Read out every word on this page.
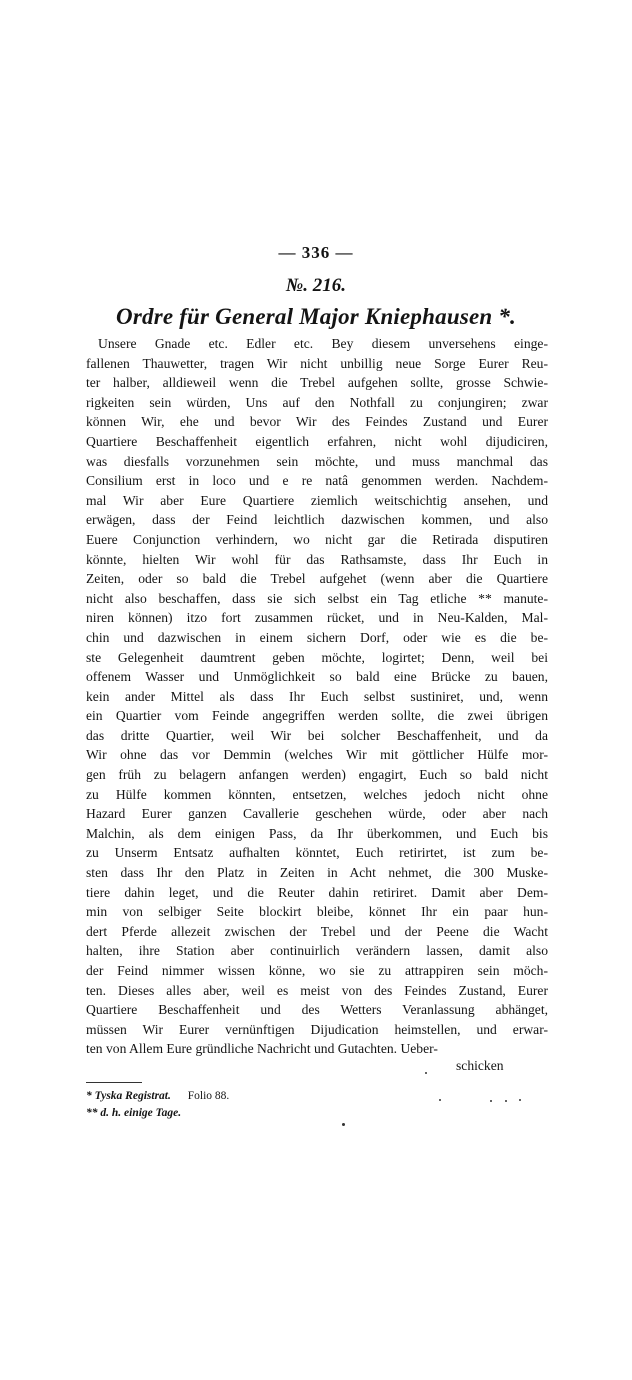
— 336 —
№. 216.
Ordre für General Major Kniephausen *.
Unsere Gnade etc. Edler etc. Bey diesem unversehens einge-
fallenen Thauwetter, tragen Wir nicht unbillig neue Sorge Eurer Reu-
ter halber, alldieweil wenn die Trebel aufgehen sollte, grosse Schwie-
rigkeiten sein würden, Uns auf den Nothfall zu conjungiren; zwar
können Wir, ehe und bevor Wir des Feindes Zustand und Eurer
Quartiere Beschaffenheit eigentlich erfahren, nicht wohl dijudiciren,
was diesfalls vorzunehmen sein möchte, und muss manchmal das
Consilium erst in loco und e re natâ genommen werden. Nachdem-
mal Wir aber Eure Quartiere ziemlich weitschichtig ansehen, und
erwägen, dass der Feind leichtlich dazwischen kommen, und also
Euere Conjunction verhindern, wo nicht gar die Retirada disputiren
könnte, hielten Wir wohl für das Rathsamste, dass Ihr Euch in
Zeiten, oder so bald die Trebel aufgehet (wenn aber die Quartiere
nicht also beschaffen, dass sie sich selbst ein Tag etliche ** manute-
niren können) itzo fort zusammen rücket, und in Neu-Kalden, Mal-
chin und dazwischen in einem sichern Dorf, oder wie es die be-
ste Gelegenheit daumtrent geben möchte, logirtet; Denn, weil bei
offenem Wasser und Unmöglichkeit so bald eine Brücke zu bauen,
kein ander Mittel als dass Ihr Euch selbst sustiniret, und, wenn
ein Quartier vom Feinde angegriffen werden sollte, die zwei übrigen
das dritte Quartier, weil Wir bei solcher Beschaffenheit, und da
Wir ohne das vor Demmin (welches Wir mit göttlicher Hülfe mor-
gen früh zu belagern anfangen werden) engagirt, Euch so bald nicht
zu Hülfe kommen könnten, entsetzen, welches jedoch nicht ohne
Hazard Eurer ganzen Cavallerie geschehen würde, oder aber nach
Malchin, als dem einigen Pass, da Ihr überkommen, und Euch bis
zu Unserm Entsatz aufhalten könntet, Euch retirirtet, ist zum be-
sten dass Ihr den Platz in Zeiten in Acht nehmet, die 300 Muske-
tiere dahin leget, und die Reuter dahin retiriret. Damit aber Dem-
min von selbiger Seite blockirt bleibe, könnet Ihr ein paar hun-
dert Pferde allezeit zwischen der Trebel und der Peene die Wacht
halten, ihre Station aber continuirlich verändern lassen, damit also
der Feind nimmer wissen könne, wo sie zu attrappiren sein möch-
ten. Dieses alles aber, weil es meist von des Feindes Zustand, Eurer
Quartiere Beschaffenheit und des Wetters Veranlassung abhänget,
müssen Wir Eurer vernünftigen Dijudication heimstellen, und erwar-
ten von Allem Eure gründliche Nachricht und Gutachten. Ueber-
schicken
* Tyska Registrat. Folio 88.
** d. h. einige Tage.
